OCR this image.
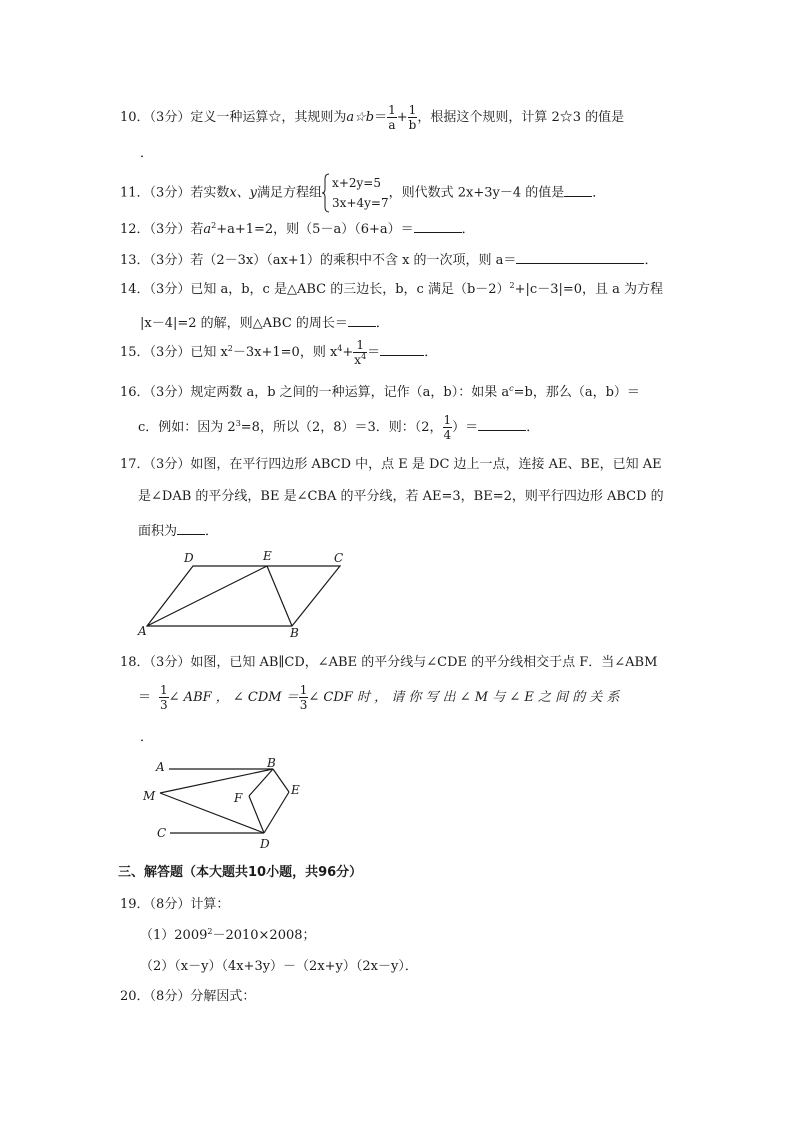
10．（3分）定义一种运算☆，其规则为a☆b＝ $\frac{1}{a} + \frac{1}{b}$ ，根据这个规则，计算 2☆3 的值是
．
11．（3分）若实数x、y满足方程组
x+2y=5
3x+4y=7
，则代数式 2x+3y－4 的值是 ．
12．（3分）若$a^2+a+1=2$，则（5－a）（6+a）＝	．
13．（3分）若（2－3x）（ax+1）的乘积中不含 x 的一次项，则 a＝	．
14．（3分）已知 a，b，c 是△ABC 的三边长，b，c 满足$(b-2)^2+|c-3|=0$，且 a 为方程
|x－4|=2 的解，则△ABC 的周长＝ ．
15．（3分）已知 $x^2-3x+1=0$，则 $x^4+ \frac{1}{x^4}$ ＝	．
16．（3分）规定两数 a，b 之间的一种运算，记作（a，b）：如果 $a^c=b$，那么（a，b）＝
c．例如：因为 $2^3=8$，所以（2，8）＝3．则：（2， $\frac{1}{4}$ ）＝	．
17．（3分）如图，在平行四边形 ABCD 中，点 E 是 DC 边上一点，连接 AE、BE，已知 AE
是∠DAB 的平分线，BE 是∠CBA 的平分线，若 AE=3，BE=2，则平行四边形 ABCD 的
面积为 ．
D	E	C
A	B
18．（3分）如图，已知 AB∥CD，∠ABE 的平分线与∠CDE 的平分线相交于点 F．当∠ABM
＝ $\frac{1}{3}$ ∠ ABF ， ∠ CDM ＝ $\frac{1}{3}$ ∠ CDF 时 ， 请 你 写 出 ∠ M 与 ∠ E 之 间 的 关 系
．
A	B
M	F
E
C
D
三、解答题（本大题共10小题，共96分）
19．（8分）计算：
$(1)2009^2-2010\times 2008$；
（2）（x－y）（4x+3y）－（2x+y）（2x－y）．
20．（8分）分解因式：
